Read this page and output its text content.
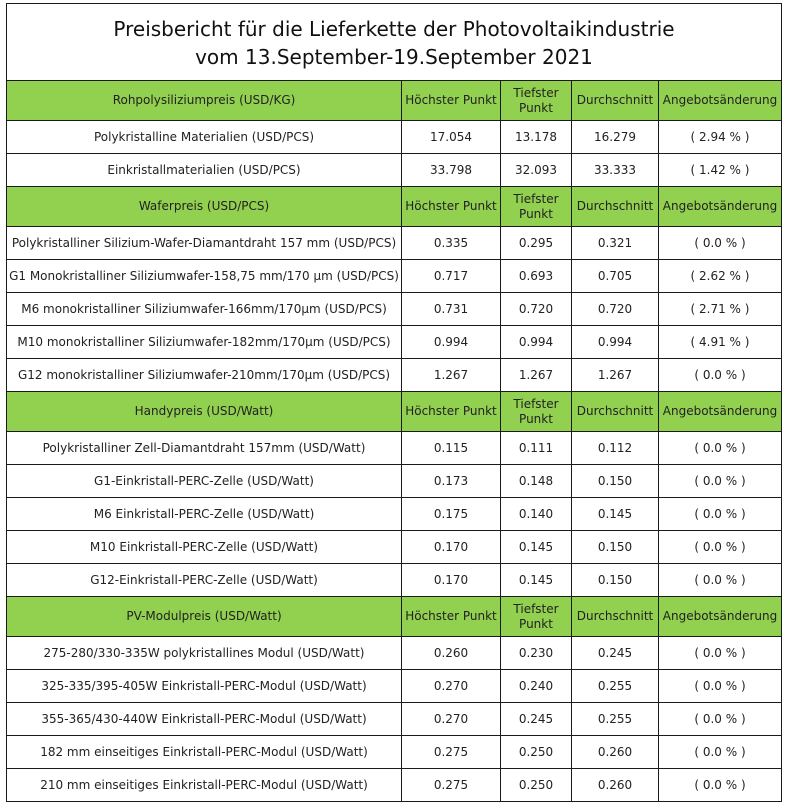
Preisbericht für die Lieferkette der Photovoltaikindustrie
vom 13.September-19.September 2021				

Rohpolysiliziumpreis (USD/KG)	Höchster Punkt	Tiefster Punkt	Durchschnitt	Angebotsänderung
Polykristalline Materialien (USD/PCS)	17.054	13.178	16.279	( 2.94 % )
Einkristallmaterialien (USD/PCS)	33.798	32.093	33.333	( 1.42 % )
Waferpreis (USD/PCS)	Höchster Punkt	Tiefster Punkt	Durchschnitt	Angebotsänderung
Polykristalliner Silizium-Wafer-Diamantdraht 157 mm (USD/PCS)	0.335	0.295	0.321	( 0.0 % )
G1 Monokristalliner Siliziumwafer-158,75 mm/170 μm (USD/PCS)	0.717	0.693	0.705	( 2.62 % )
M6 monokristalliner Siliziumwafer-166mm/170μm (USD/PCS)	0.731	0.720	0.720	( 2.71 % )
M10 monokristalliner Siliziumwafer-182mm/170μm (USD/PCS)	0.994	0.994	0.994	( 4.91 % )
G12 monokristalliner Siliziumwafer-210mm/170μm (USD/PCS)	1.267	1.267	1.267	( 0.0 % )
Handypreis (USD/Watt)	Höchster Punkt	Tiefster Punkt	Durchschnitt	Angebotsänderung
Polykristalliner Zell-Diamantdraht 157mm (USD/Watt)	0.115	0.111	0.112	( 0.0 % )
G1-Einkristall-PERC-Zelle (USD/Watt)	0.173	0.148	0.150	( 0.0 % )
M6 Einkristall-PERC-Zelle (USD/Watt)	0.175	0.140	0.145	( 0.0 % )
M10 Einkristall-PERC-Zelle (USD/Watt)	0.170	0.145	0.150	( 0.0 % )
G12-Einkristall-PERC-Zelle (USD/Watt)	0.170	0.145	0.150	( 0.0 % )
PV-Modulpreis (USD/Watt)	Höchster Punkt	Tiefster Punkt	Durchschnitt	Angebotsänderung
275-280/330-335W polykristallines Modul (USD/Watt)	0.260	0.230	0.245	( 0.0 % )
325-335/395-405W Einkristall-PERC-Modul (USD/Watt)	0.270	0.240	0.255	( 0.0 % )
355-365/430-440W Einkristall-PERC-Modul (USD/Watt)	0.270	0.245	0.255	( 0.0 % )
182 mm einseitiges Einkristall-PERC-Modul (USD/Watt)	0.275	0.250	0.260	( 0.0 % )
210 mm einseitiges Einkristall-PERC-Modul (USD/Watt)	0.275	0.250	0.260	( 0.0 % )
